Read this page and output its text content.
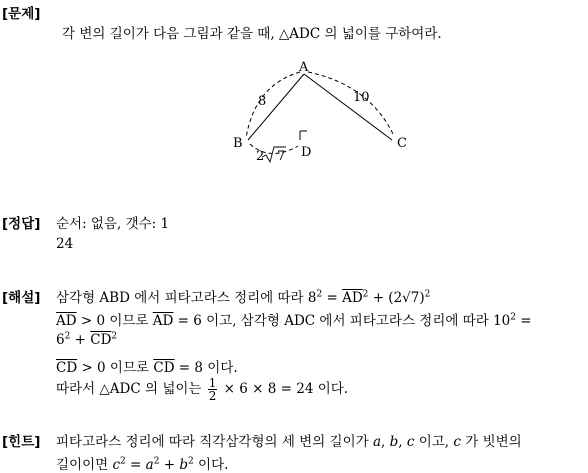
[문제]
각 변의 길이가 다음 그림과 같을 때, △ADC 의 넓이를 구하여라.
A
B	C
D
8	10
2 7
[정답] 순서: 없음, 갯수: 1
24
[해설] 삼각형 ABD 에서 피타고라스 정리에 따라 $8^2 = \overline{AD}^2 + (2√7)^2$
$\overline{AD} > 0$ 이므로 $\overline{AD} = 6$ 이고, 삼각형 ADC 에서 피타고라스 정리에 따라 $10^2$ =
$6^2 + \overline{CD}^2$
$\overline{CD} > 0$ 이므로 $\overline{CD} = 8$ 이다.
따라서 △ADC 의 넓이는 $\frac{1}{2} \times 6 \times 8 = 24$ 이다.
[힌트] 피타고라스 정리에 따라 직각삼각형의 세 변의 길이가 a, b, c 이고, c 가 빗변의
길이이면 $c^2 = a^2 + b^2$ 이다.
